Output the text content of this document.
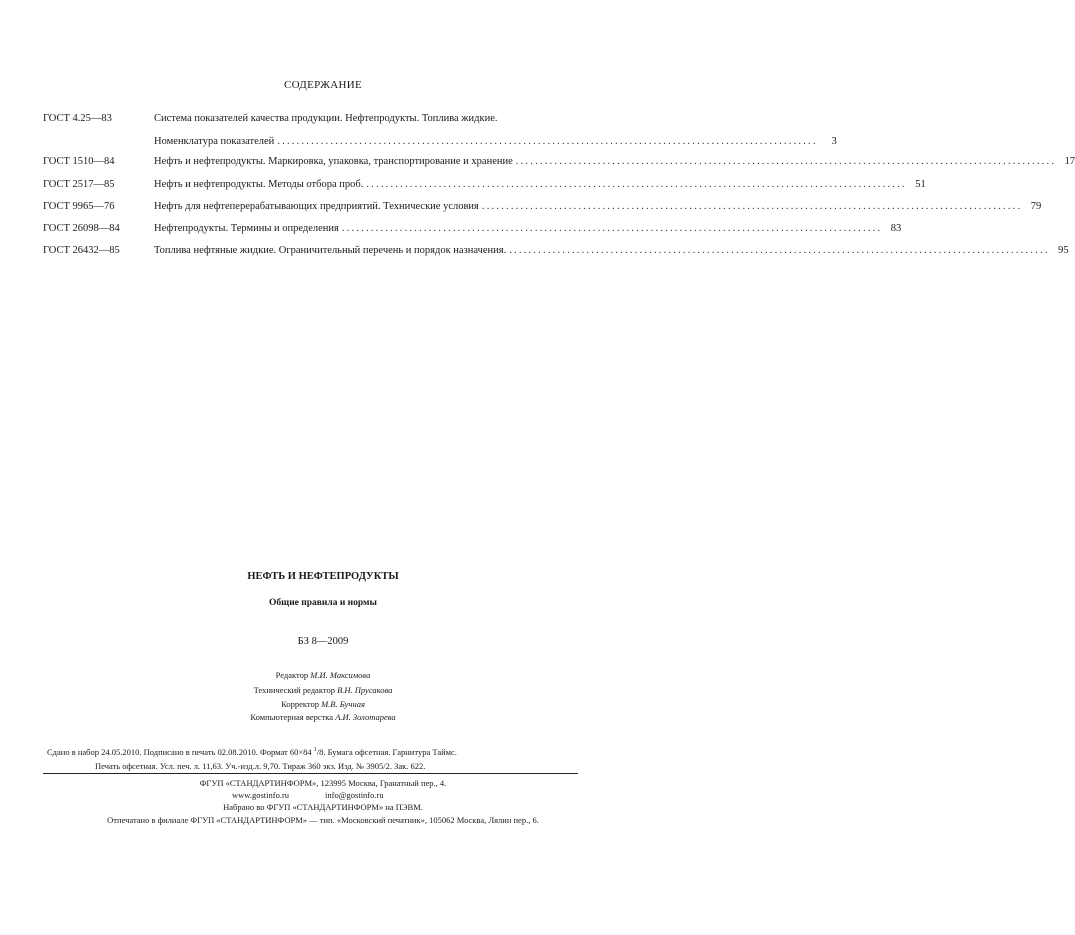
СОДЕРЖАНИЕ
ГОСТ 4.25—83	Система показателей качества продукции. Нефтепродукты. Топлива жидкие.
Номенклатура показателей ................................................................................................................	3
ГОСТ 1510—84	Нефть и нефтепродукты. Маркировка, упаковка, транспортирование и хранение ................................................................................................................ 17
ГОСТ 2517—85	Нефть и нефтепродукты. Методы отбора проб. ................................................................................................................ 51
ГОСТ 9965—76	Нефть для нефтеперерабатывающих предприятий. Технические условия ................................................................................................................ 79
ГОСТ 26098—84	Нефтепродукты. Термины и определения ................................................................................................................ 83
ГОСТ 26432—85	Топлива нефтяные жидкие. Ограничительный перечень и порядок назначения. ................................................................................................................ 95
НЕФТЬ И НЕФТЕПРОДУКТЫ
Общие правила и нормы
БЗ 8—2009
Редактор М.И. Максимова
Технический редактор В.Н. Прусакова
Корректор М.В. Бучная
Компьютерная верстка А.И. Золотарева
Сдано в набор 24.05.2010. Подписано в печать 02.08.2010. Формат 60×84 $^1$/8. Бумага офсетная. Гарнитура Таймс.
Печать офсетная. Усл. печ. л. 11,63. Уч.-изд.л. 9,70. Тираж 360 экз. Изд. № 3905/2. Зак. 622.
ФГУП «СТАНДАРТИНФОРМ», 123995 Москва, Гранатный пер., 4.
www.gostinfo.ru	info@gostinfo.ru
Набрано во ФГУП «СТАНДАРТИНФОРМ» на ПЭВМ.
Отпечатано в филиале ФГУП «СТАНДАРТИНФОРМ» — тип. «Московский печатник», 105062 Москва, Лялин пер., 6.
